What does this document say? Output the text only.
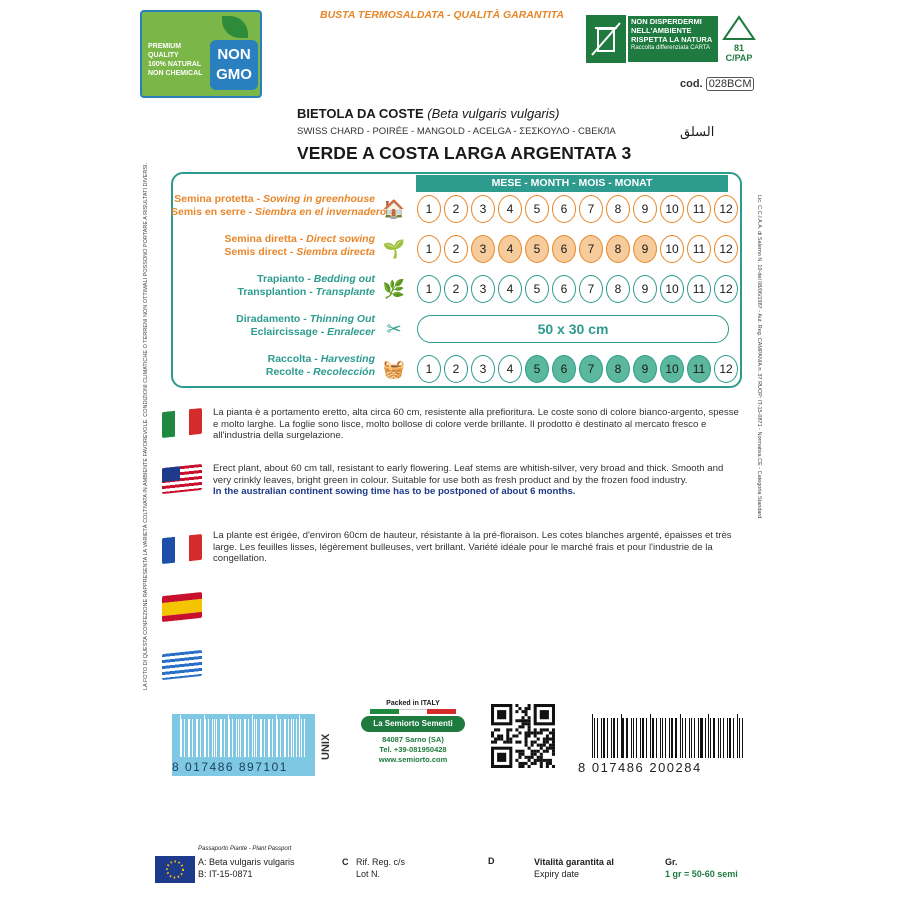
PREMIUM QUALITY
100% NATURAL
NON CHEMICAL
NON GMO
BUSTA TERMOSALDATA - QUALITÀ GARANTITA
NON DISPERDERMI
NELL'AMBIENTE
RISPETTA LA NATURA
Raccolta differenziata CARTA	81
C/PAP
cod. 028BCM
BIETOLA DA COSTE (Beta vulgaris vulgaris)
SWISS CHARD - POIRÉE - MANGOLD - ACELGA - ΣΕΣΚΟΥΛΟ - СВЕКЛА	السلق
VERDE A COSTA LARGA ARGENTATA 3
MESE - MONTH - MOIS - MONAT
Semina protetta - Sowing in greenhouse
Semis en serre - Siembra en el invernadero
🏠	1	2	3	4	5	6	7	8	9	10	11	12
Semina diretta - Direct sowing
Semis direct - Siembra directa 🌱	1	2	3	4	5	6	7	8	9	10	11	12
Trapianto - Bedding out
Transplantion - Transplante 🌿	1	2	3	4	5	6	7	8	9	10	11	12
Diradamento - Thinning Out
Eclaircissage - Enralecer ✂	50 x 30 cm
Raccolta - Harvesting
Recolte - Recolección 🧺	1	2	3	4	5	6	7	8	9	10	11	12
La pianta è a portamento eretto, alta circa 60 cm, resistente alla prefioritura. Le coste sono di colore bianco-argento, spesse e molto larghe. La foglie sono lisce, molto bollose di colore verde brillante. Il prodotto è destinato al mercato fresco e all'industria della surgelazione.
Erect plant, about 60 cm tall, resistant to early flowering. Leaf stems are whitish-silver, very broad and thick. Smooth and very crinkly leaves, bright green in colour. Suitable for use both as fresh product and by the frozen food industry.
In the australian continent sowing time has to be postponed of about 6 months.
La plante est érigée, d'environ 60cm de hauteur, résistante à la pré-floraison. Les cotes blanches argenté, épaisses et très large. Les feuilles lisses, légèrement bulleuses, vert brillant. Variété idéale pour le marché frais et pour l'industrie de la congellation.
LA FOTO DI QUESTA CONFEZIONE RAPPRESENTA LA VARIETÀ COLTIVATA IN AMBIENTE FAVOREVOLE. CONDIZIONI CLIMATICHE O TERRENI NON OTTIMALI POSSONO PORTARE A RISULTATI DIVERSI.	Lic. C.C.I.A.A. di Salerno N. 10-del 08/06/1987 - Aut. Reg. CAMPANIA n. 37 RUOP: IT-15-0871 - Normativa CE - Categoria Standard
8 017486 897101
UNIX
Packed in ITALY
La Semiorto Sementi
84087 Sarno (SA)
Tel. +39-081950428
www.semiorto.com
8 017486 200284
Passaporto Piante - Plant Passport
A: Beta vulgaris vulgaris
B: IT-15-0871
C Rif. Reg. c/s
Lot N.
D	Vitalità garantita al
Expiry date
Gr.
1 gr = 50-60 semi
